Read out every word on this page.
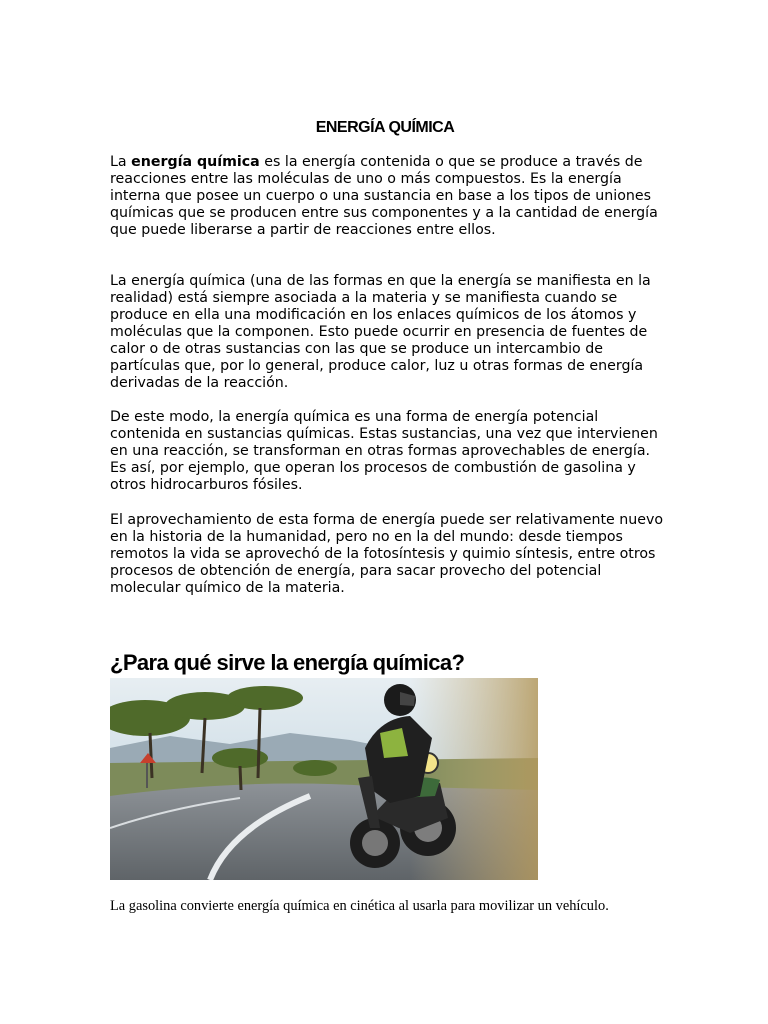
ENERGÍA QUÍMICA

La energía química es la energía contenida o que se produce a través de reacciones entre las moléculas de uno o más compuestos. Es la energía interna que posee un cuerpo o una sustancia en base a los tipos de uniones químicas que se producen entre sus componentes y a la cantidad de energía que puede liberarse a partir de reacciones entre ellos.

La energía química (una de las formas en que la energía se manifiesta en la realidad) está siempre asociada a la materia y se manifiesta cuando se produce en ella una modificación en los enlaces químicos de los átomos y moléculas que la componen. Esto puede ocurrir en presencia de fuentes de calor o de otras sustancias con las que se produce un intercambio de partículas que, por lo general, produce calor, luz u otras formas de energía derivadas de la reacción.

De este modo, la energía química es una forma de energía potencial contenida en sustancias químicas. Estas sustancias, una vez que intervienen en una reacción, se transforman en otras formas aprovechables de energía. Es así, por ejemplo, que operan los procesos de combustión de gasolina y otros hidrocarburos fósiles.

El aprovechamiento de esta forma de energía puede ser relativamente nuevo en la historia de la humanidad, pero no en la del mundo: desde tiempos remotos la vida se aprovechó de la fotosíntesis y quimio síntesis, entre otros procesos de obtención de energía, para sacar provecho del potencial molecular químico de la materia.

¿Para qué sirve la energía química?

La gasolina convierte energía química en cinética al usarla para movilizar un vehículo.
